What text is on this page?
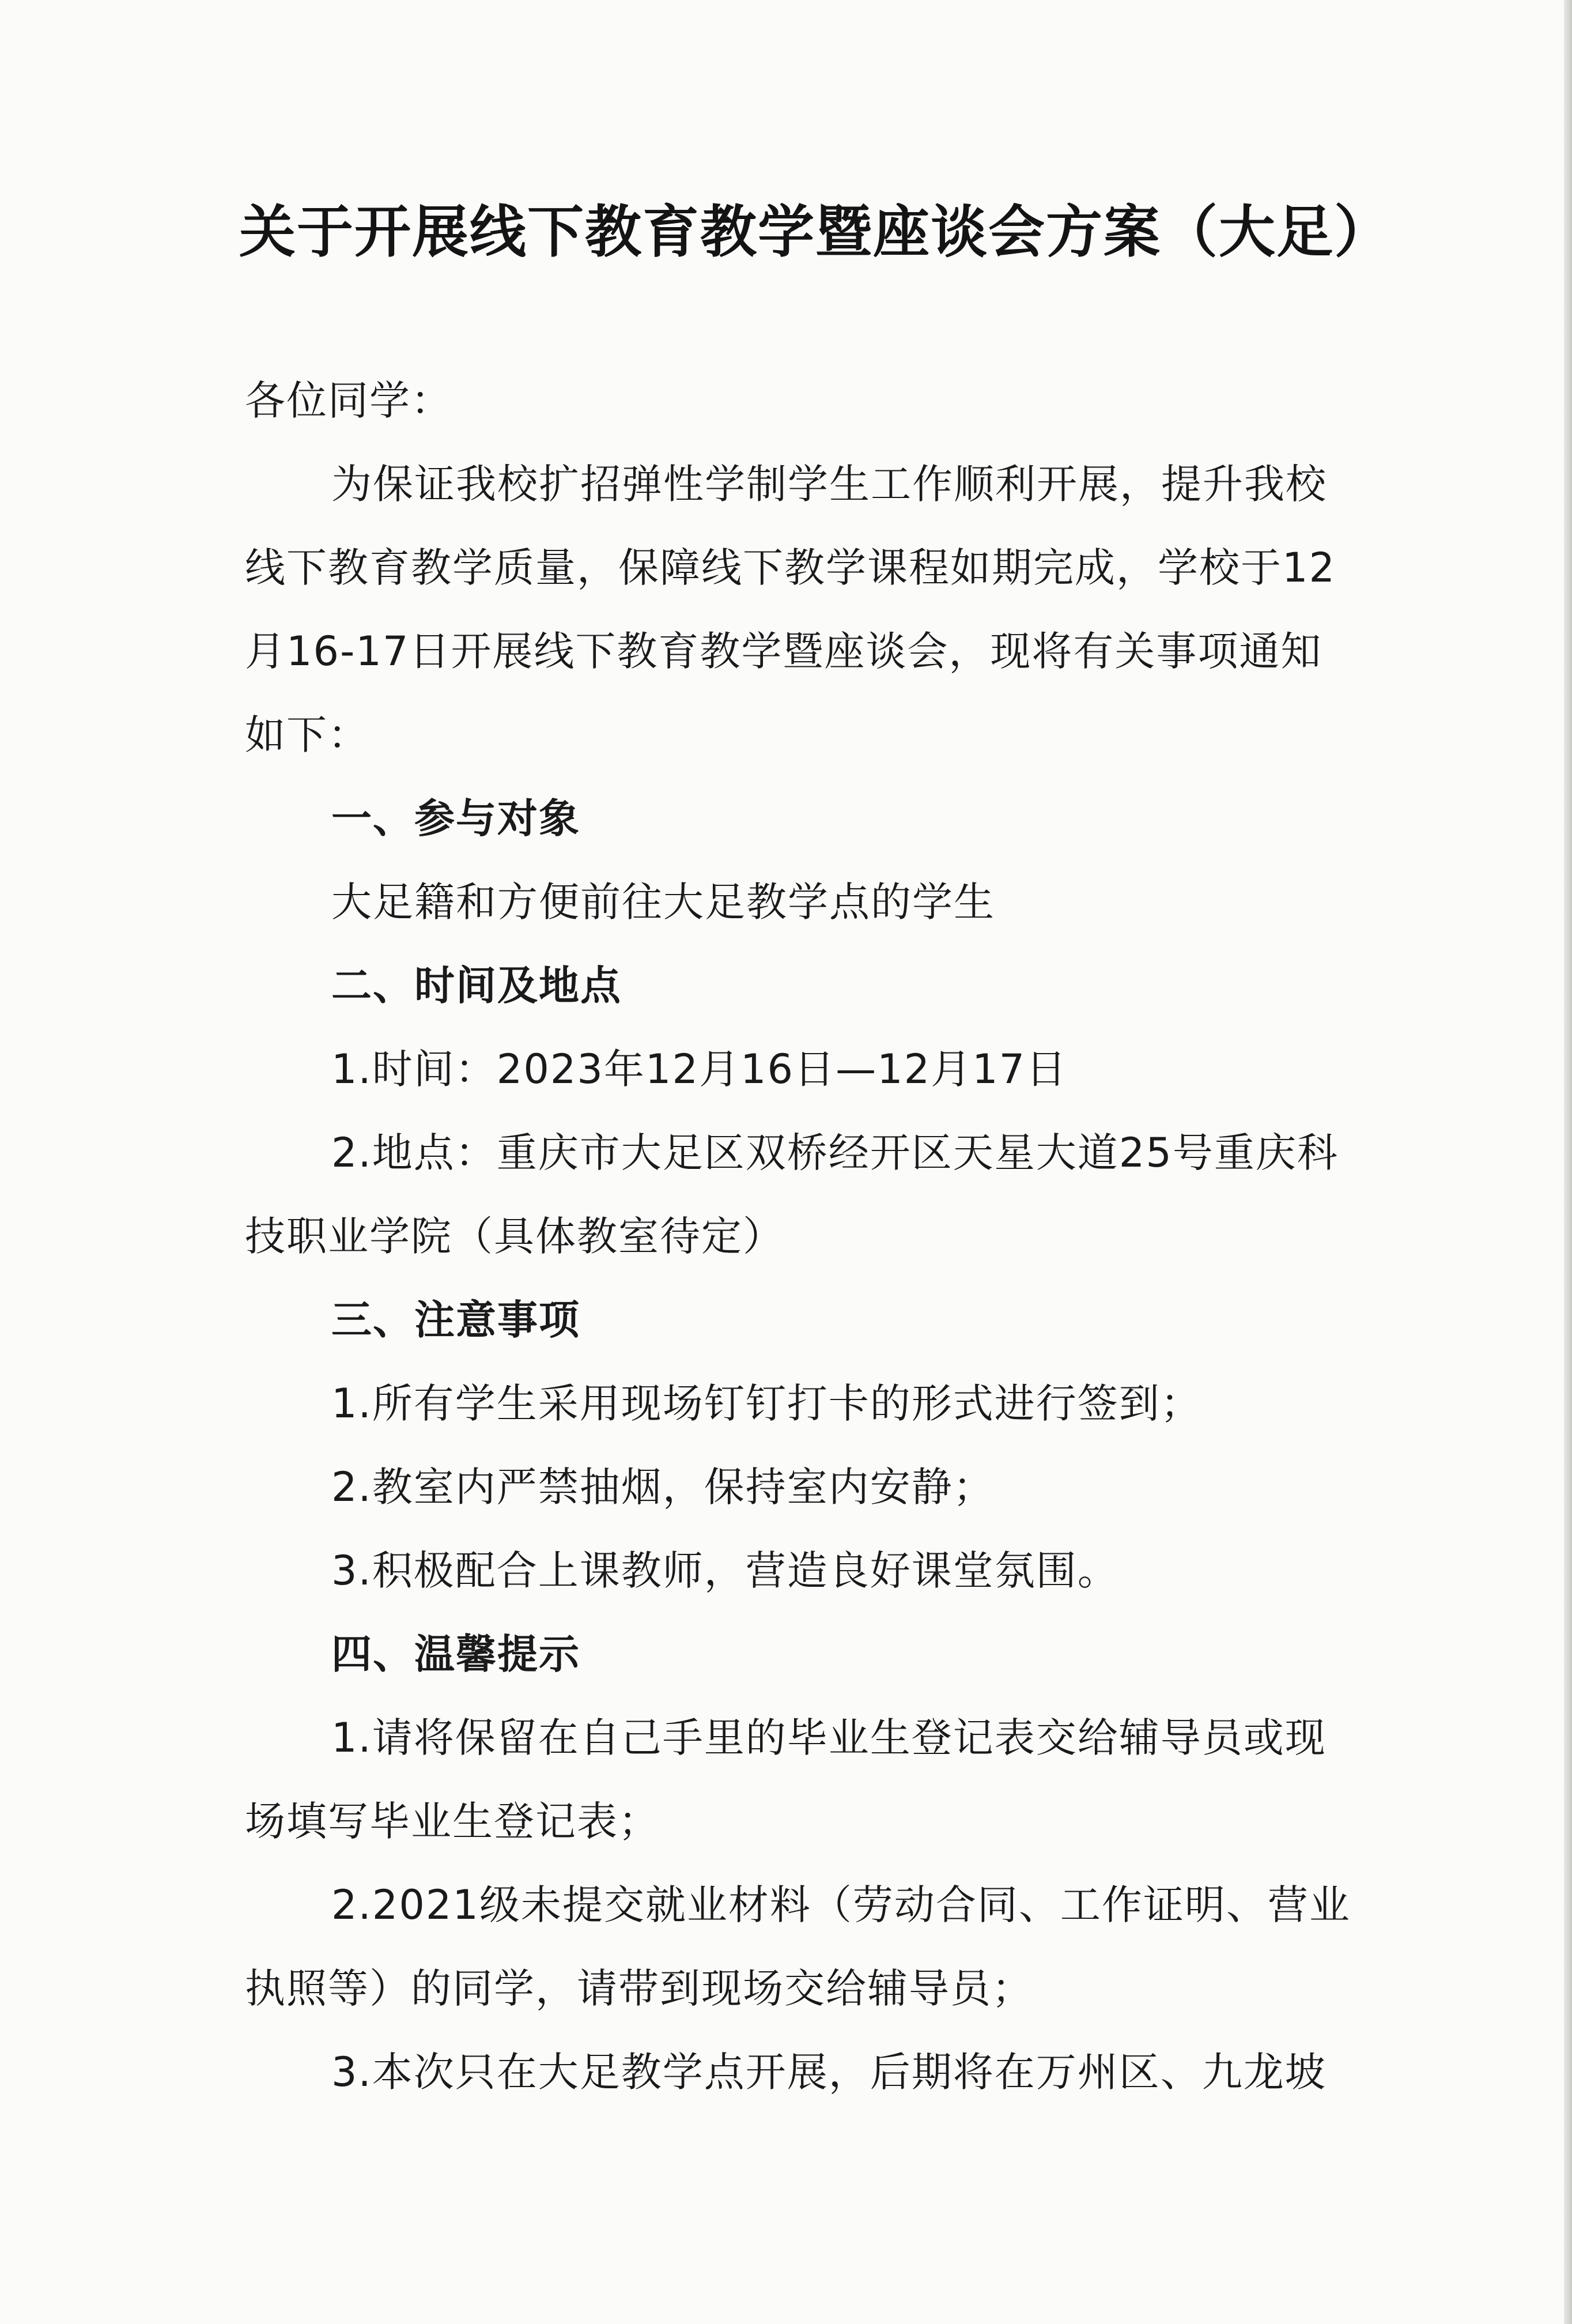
关于开展线下教育教学暨座谈会方案（大足）

各位同学：

为保证我校扩招弹性学制学生工作顺利开展，提升我校

线下教育教学质量，保障线下教学课程如期完成，学校于12

月16-17日开展线下教育教学暨座谈会，现将有关事项通知

如下：

一、参与对象

大足籍和方便前往大足教学点的学生

二、时间及地点

1.时间：2023年12月16日—12月17日

2.地点：重庆市大足区双桥经开区天星大道25号重庆科

技职业学院（具体教室待定）

三、注意事项

1.所有学生采用现场钉钉打卡的形式进行签到；

2.教室内严禁抽烟，保持室内安静；

3.积极配合上课教师，营造良好课堂氛围。

四、温馨提示

1.请将保留在自己手里的毕业生登记表交给辅导员或现

场填写毕业生登记表；

2.2021级未提交就业材料（劳动合同、工作证明、营业

执照等）的同学，请带到现场交给辅导员；

3.本次只在大足教学点开展，后期将在万州区、九龙坡
